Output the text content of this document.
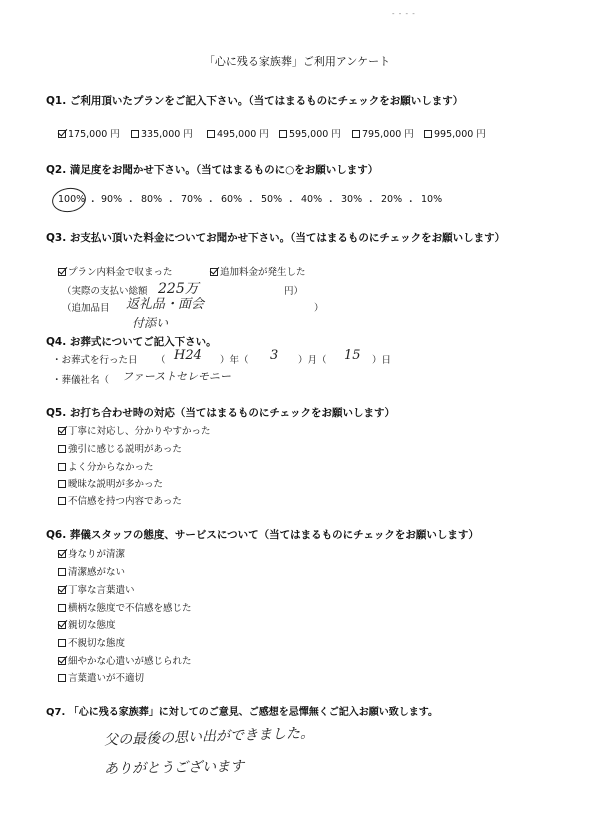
- - - -
「心に残る家族葬」ご利用アンケート
Q1. ご利用頂いたプランをご記入下さい。（当てはまるものにチェックをお願いします）
175,000 円	335,000 円	495,000 円	595,000 円	795,000 円	995,000 円
Q2. 満足度をお聞かせ下さい。（当てはまるものに○をお願いします）
100% ・ 90% ・ 80% ・ 70% ・ 60% ・ 50% ・ 40% ・ 30% ・ 20% ・ 10%
Q3. お支払い頂いた料金についてお聞かせ下さい。（当てはまるものにチェックをお願いします）
プラン内料金で収まった	追加料金が発生した
（実際の支払い総額 225万	円）
（追加品目 返礼品・面会
付添い
）
Q4. お葬式についてご記入下さい。
・お葬式を行った日 （ H24 ）年（ 3 ）月（ 15 ）日
・葬儀社名（ ファーストセレモニー
Q5. お打ち合わせ時の対応（当てはまるものにチェックをお願いします）
丁寧に対応し、分かりやすかった
強引に感じる説明があった
よく分からなかった
曖昧な説明が多かった
不信感を持つ内容であった
Q6. 葬儀スタッフの態度、サービスについて（当てはまるものにチェックをお願いします）
身なりが清潔
清潔感がない
丁寧な言葉遣い
横柄な態度で不信感を感じた
親切な態度
不親切な態度
細やかな心遣いが感じられた
言葉遣いが不適切
Q7. 「心に残る家族葬」に対してのご意見、ご感想を忌憚無くご記入お願い致します。
父の最後の思い出ができました。
ありがとうございます
